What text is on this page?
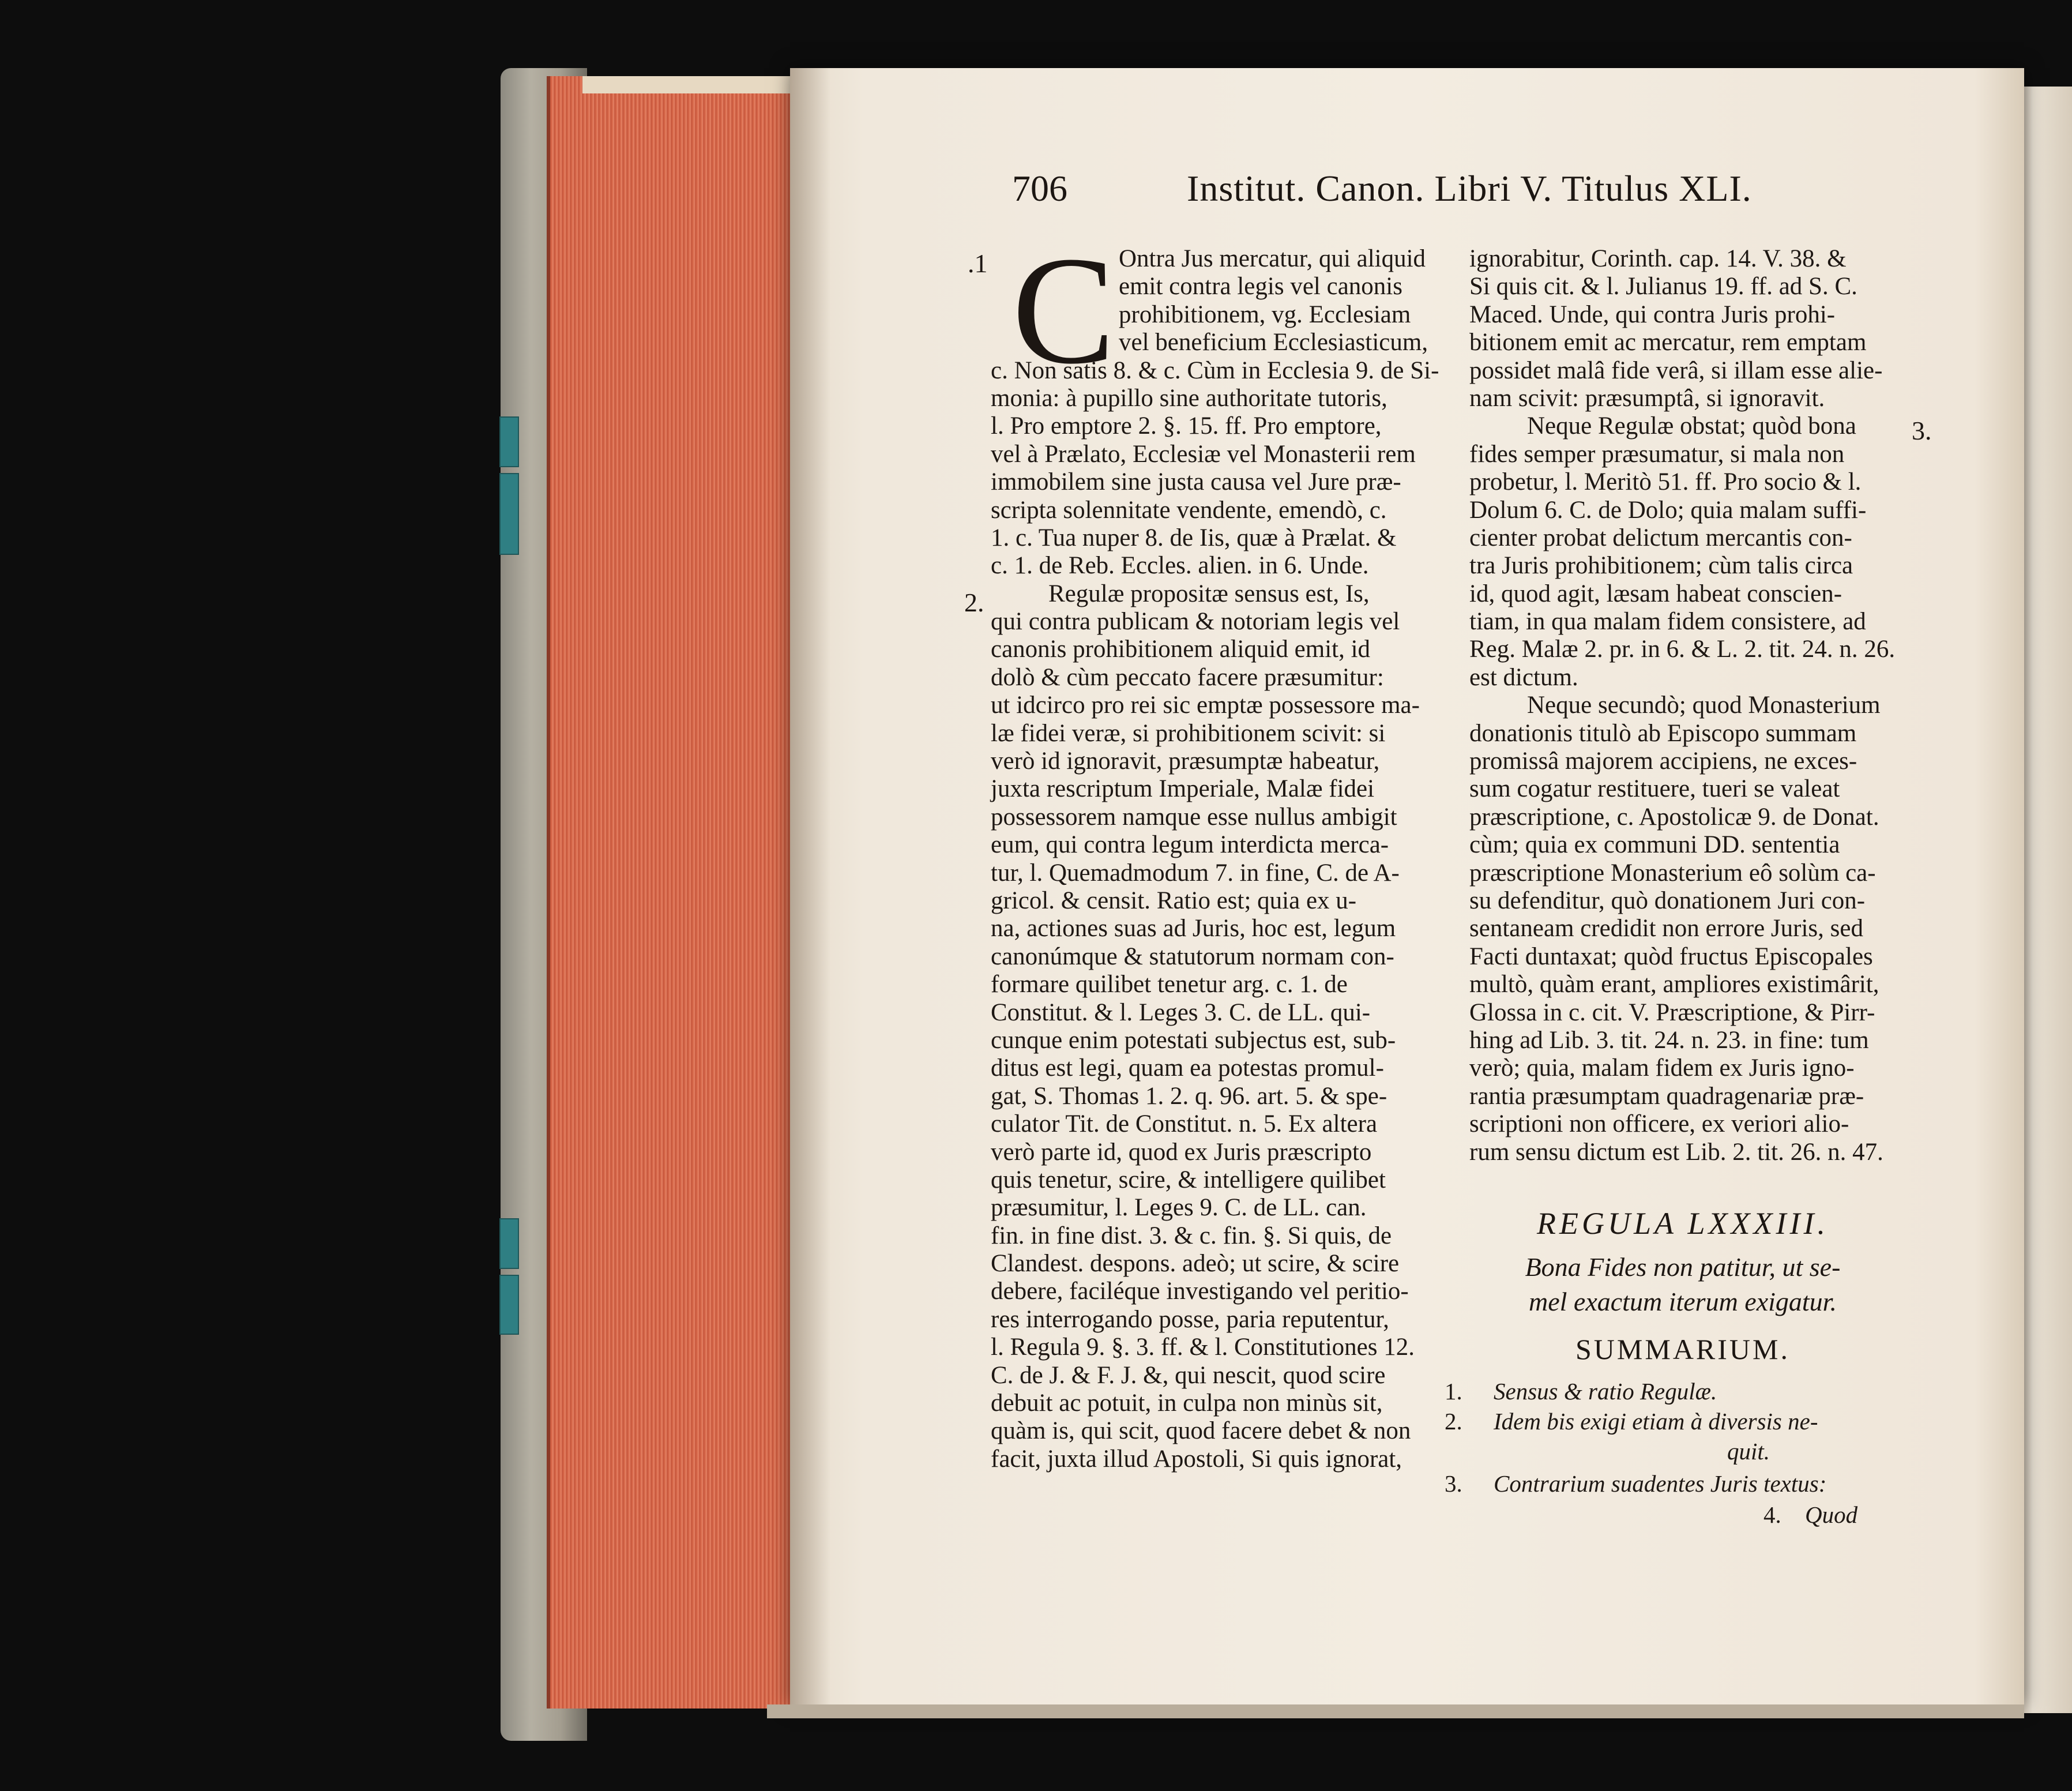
706	Institut. Canon. Libri V. Titulus XLI.
.1
2.
3.
C Ontra Jus mercatur, qui aliquid
emit contra legis vel canonis
prohibitionem, vg. Ecclesiam
vel beneficium Ecclesiasticum,
c. Non satis 8. & c. Cùm in Ecclesia 9. de Si-
monia: à pupillo sine authoritate tutoris,
l. Pro emptore 2. §. 15. ff. Pro emptore,
vel à Prælato, Ecclesiæ vel Monasterii rem
immobilem sine justa causa vel Jure præ-
scripta solennitate vendente, emendò, c.
1. c. Tua nuper 8. de Iis, quæ à Prælat. &
c. 1. de Reb. Eccles. alien. in 6. Unde.
Regulæ propositæ sensus est, Is,
qui contra publicam & notoriam legis vel
canonis prohibitionem aliquid emit, id
dolò & cùm peccato facere præsumitur:
ut idcirco pro rei sic emptæ possessore ma-
læ fidei veræ, si prohibitionem scivit: si
verò id ignoravit, præsumptæ habeatur,
juxta rescriptum Imperiale, Malæ fidei
possessorem namque esse nullus ambigit
eum, qui contra legum interdicta merca-
tur, l. Quemadmodum 7. in fine, C. de A-
gricol. & censit. Ratio est; quia ex u-
na, actiones suas ad Juris, hoc est, legum
canonúmque & statutorum normam con-
formare quilibet tenetur arg. c. 1. de
Constitut. & l. Leges 3. C. de LL. qui-
cunque enim potestati subjectus est, sub-
ditus est legi, quam ea potestas promul-
gat, S. Thomas 1. 2. q. 96. art. 5. & spe-
culator Tit. de Constitut. n. 5. Ex altera
verò parte id, quod ex Juris præscripto
quis tenetur, scire, & intelligere quilibet
præsumitur, l. Leges 9. C. de LL. can.
fin. in fine dist. 3. & c. fin. §. Si quis, de
Clandest. despons. adeò; ut scire, & scire
debere, faciléque investigando vel peritio-
res interrogando posse, paria reputentur,
l. Regula 9. §. 3. ff. & l. Constitutiones 12.
C. de J. & F. J. &, qui nescit, quod scire
debuit ac potuit, in culpa non minùs sit,
quàm is, qui scit, quod facere debet & non
facit, juxta illud Apostoli, Si quis ignorat,
ignorabitur, Corinth. cap. 14. V. 38. &
Si quis cit. & l. Julianus 19. ff. ad S. C.
Maced. Unde, qui contra Juris prohi-
bitionem emit ac mercatur, rem emptam
possidet malâ fide verâ, si illam esse alie-
nam scivit: præsumptâ, si ignoravit.
Neque Regulæ obstat; quòd bona
fides semper præsumatur, si mala non
probetur, l. Meritò 51. ff. Pro socio & l.
Dolum 6. C. de Dolo; quia malam suffi-
cienter probat delictum mercantis con-
tra Juris prohibitionem; cùm talis circa
id, quod agit, læsam habeat conscien-
tiam, in qua malam fidem consistere, ad
Reg. Malæ 2. pr. in 6. & L. 2. tit. 24. n. 26.
est dictum.
Neque secundò; quod Monasterium
donationis titulò ab Episcopo summam
promissâ majorem accipiens, ne exces-
sum cogatur restituere, tueri se valeat
præscriptione, c. Apostolicæ 9. de Donat.
cùm; quia ex communi DD. sententia
præscriptione Monasterium eô solùm ca-
su defenditur, quò donationem Juri con-
sentaneam credidit non errore Juris, sed
Facti duntaxat; quòd fructus Episcopales
multò, quàm erant, ampliores existimârit,
Glossa in c. cit. V. Præscriptione, & Pirr-
hing ad Lib. 3. tit. 24. n. 23. in fine: tum
verò; quia, malam fidem ex Juris igno-
rantia præsumptam quadragenariæ præ-
scriptioni non officere, ex veriori alio-
rum sensu dictum est Lib. 2. tit. 26. n. 47.
REGULA LXXXIII.
Bona Fides non patitur, ut se-
mel exactum iterum exigatur.
SUMMARIUM.
1. Sensus & ratio Regulæ.
2. Idem bis exigi etiam à diversis ne-
quit.
3. Contrarium suadentes Juris textus:
4. Quod
